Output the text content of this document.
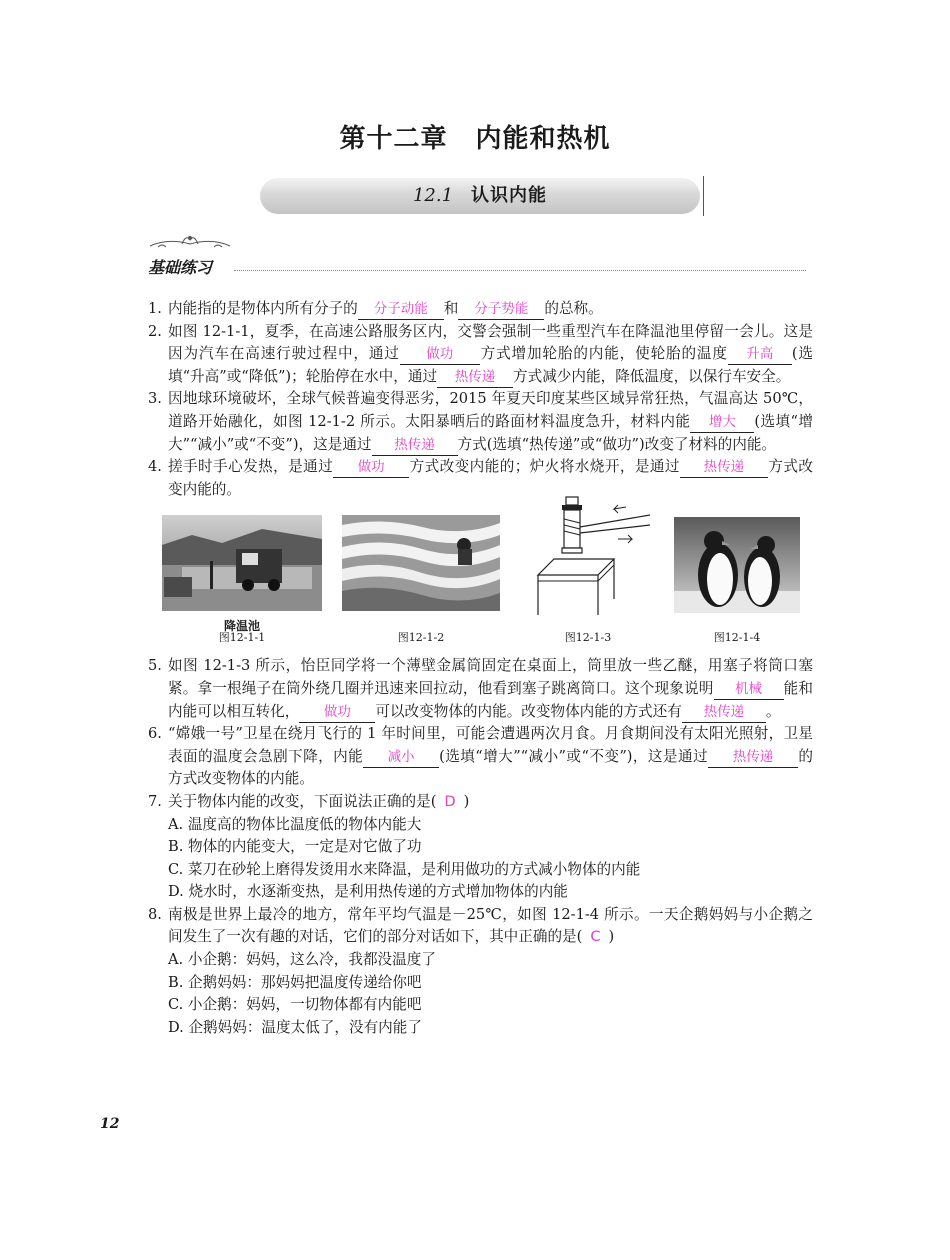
第十二章 内能和热机
12.1 认识内能
基础练习
1. 内能指的是物体内所有分子的 分子动能 和 分子势能 的总称。
2. 如图 12-1-1，夏季，在高速公路服务区内，交警会强制一些重型汽车在降温池里停留一会儿。这是因为汽车在高速行驶过程中，通过 做功 方式增加轮胎的内能，使轮胎的温度 升高 (选填“升高”或“降低”)；轮胎停在水中，通过 热传递 方式减少内能，降低温度，以保行车安全。
3. 因地球环境破坏，全球气候普遍变得恶劣，2015 年夏天印度某些区域异常狂热，气温高达 50℃，道路开始融化，如图 12-1-2 所示。太阳暴晒后的路面材料温度急升，材料内能 增大 (选填“增大”“减小”或“不变”)，这是通过 热传递 方式(选填“热传递”或“做功”)改变了材料的内能。
4. 搓手时手心发热，是通过 做功 方式改变内能的；炉火将水烧开，是通过 热传递 方式改变内能的。
降温池
图12-1-1	图12-1-2	图12-1-3	图12-1-4
5. 如图 12-1-3 所示，怡臣同学将一个薄壁金属筒固定在桌面上，筒里放一些乙醚，用塞子将筒口塞紧。拿一根绳子在筒外绕几圈并迅速来回拉动，他看到塞子跳离筒口。这个现象说明 机械 能和内能可以相互转化， 做功 可以改变物体的内能。改变物体内能的方式还有 热传递 。
6. “嫦娥一号”卫星在绕月飞行的 1 年时间里，可能会遭遇两次月食。月食期间没有太阳光照射，卫星表面的温度会急剧下降，内能 减小 (选填“增大”“减小”或“不变”)，这是通过 热传递 的方式改变物体的内能。
7. 关于物体内能的改变，下面说法正确的是( D )
A. 温度高的物体比温度低的物体内能大
B. 物体的内能变大，一定是对它做了功
C. 菜刀在砂轮上磨得发烫用水来降温，是利用做功的方式减小物体的内能
D. 烧水时，水逐渐变热，是利用热传递的方式增加物体的内能
8. 南极是世界上最冷的地方，常年平均气温是－25℃，如图 12-1-4 所示。一天企鹅妈妈与小企鹅之间发生了一次有趣的对话，它们的部分对话如下，其中正确的是( C )
A. 小企鹅：妈妈，这么冷，我都没温度了
B. 企鹅妈妈：那妈妈把温度传递给你吧
C. 小企鹅：妈妈，一切物体都有内能吧
D. 企鹅妈妈：温度太低了，没有内能了
12
